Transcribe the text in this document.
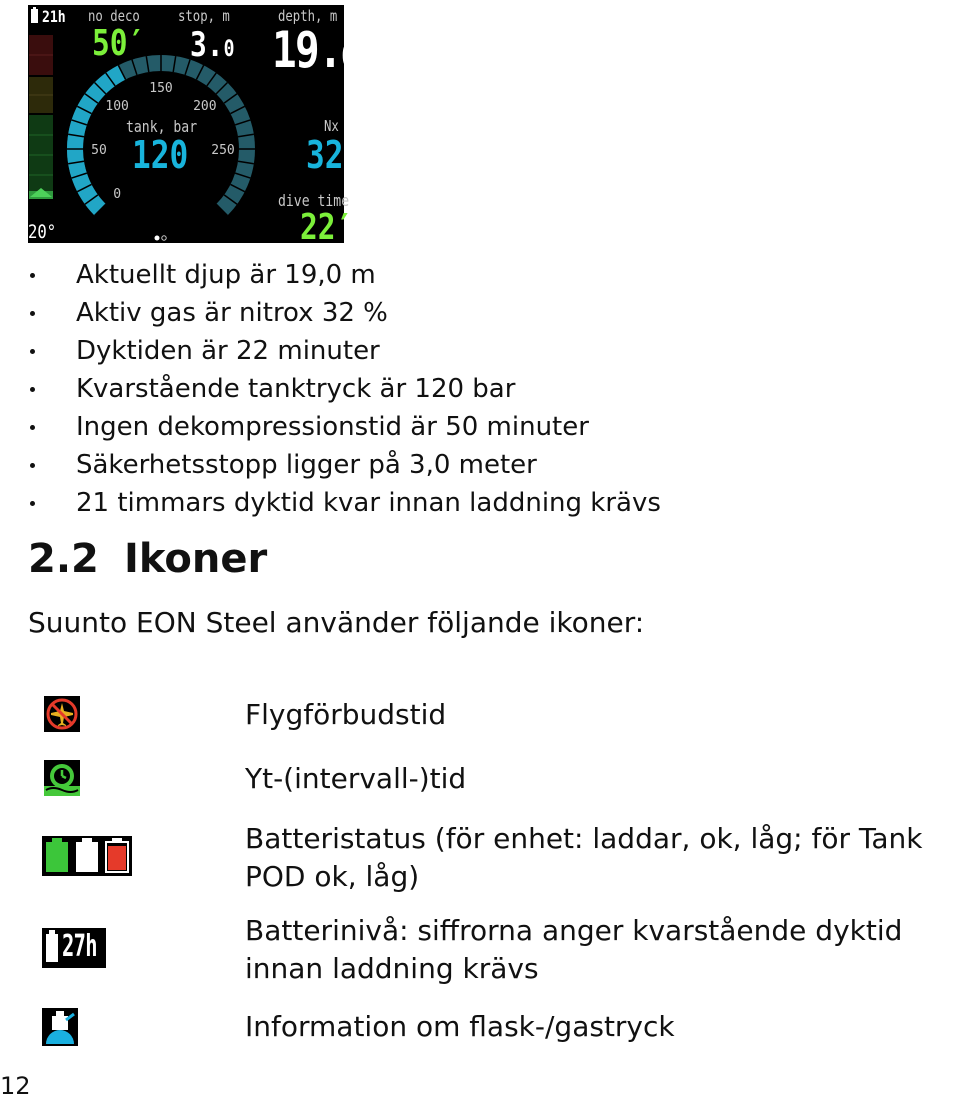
0
50
100
150
200
250
21h no deco
50′
stop, m
3.0
depth, m
19.0
tank, bar
120
Nx
32
dive time
22′
20°
Aktuellt djup är 19,0 m
Aktiv gas är nitrox 32 %
Dyktiden är 22 minuter
Kvarstående tanktryck är 120 bar
Ingen dekompressionstid är 50 minuter
Säkerhetsstopp ligger på 3,0 meter
21 timmars dyktid kvar innan laddning krävs
2.2 Ikoner

Suunto EON Steel använder följande ikoner:

Flygförbudstid
Yt-(intervall-)tid
Batteristatus (för enhet: laddar, ok, låg; för Tank POD ok, låg)
27h	Batterinivå: siffrorna anger kvarstående dyktid innan laddning krävs
Information om flask-/gastryck
12
